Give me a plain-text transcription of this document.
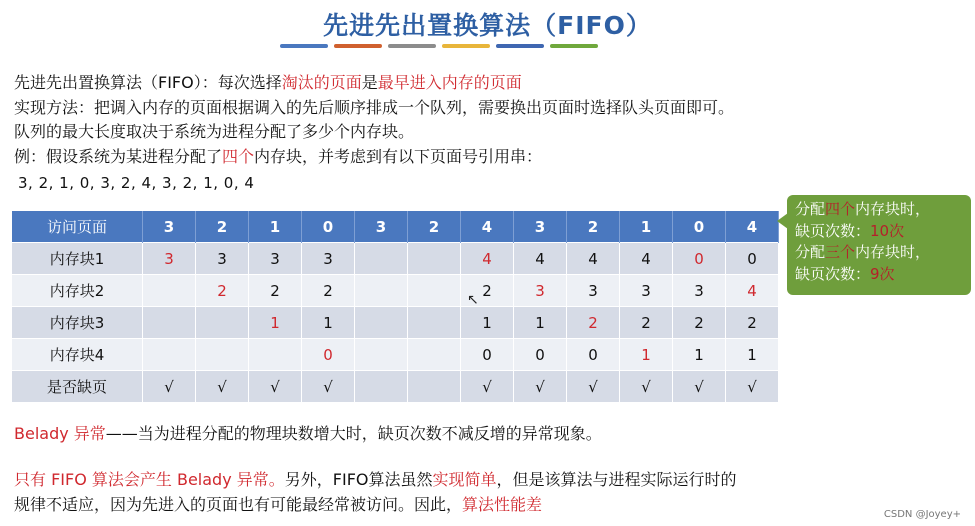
先进先出置换算法（FIFO）
先进先出置换算法（FIFO）：每次选择淘汰的页面是最早进入内存的页面
实现方法：把调入内存的页面根据调入的先后顺序排成一个队列，需要换出页面时选择队头页面即可。
队列的最大长度取决于系统为进程分配了多少个内存块。
例：假设系统为某进程分配了四个内存块，并考虑到有以下页面号引用串：
3, 2, 1, 0, 3, 2, 4, 3, 2, 1, 0, 4
访问页面	3	2	1	0	3	2	4	3	2	1	0	4
内存块1	3	3	3	3			4	4	4	4	0	0
内存块2		2	2	2			2	3	3	3	3	4
内存块3			1	1			1	1	2	2	2	2
内存块4				0			0	0	0	1	1	1
是否缺页	√	√	√	√			√	√	√	√	√	√
分配四个内存块时，
缺页次数：10次
分配三个内存块时，
缺页次数：9次
↖
Belady 异常——当为进程分配的物理块数增大时，缺页次数不减反增的异常现象。
只有 FIFO 算法会产生 Belady 异常。另外，FIFO算法虽然实现简单，但是该算法与进程实际运行时的
规律不适应，因为先进入的页面也有可能最经常被访问。因此，算法性能差
CSDN @Joyey+
